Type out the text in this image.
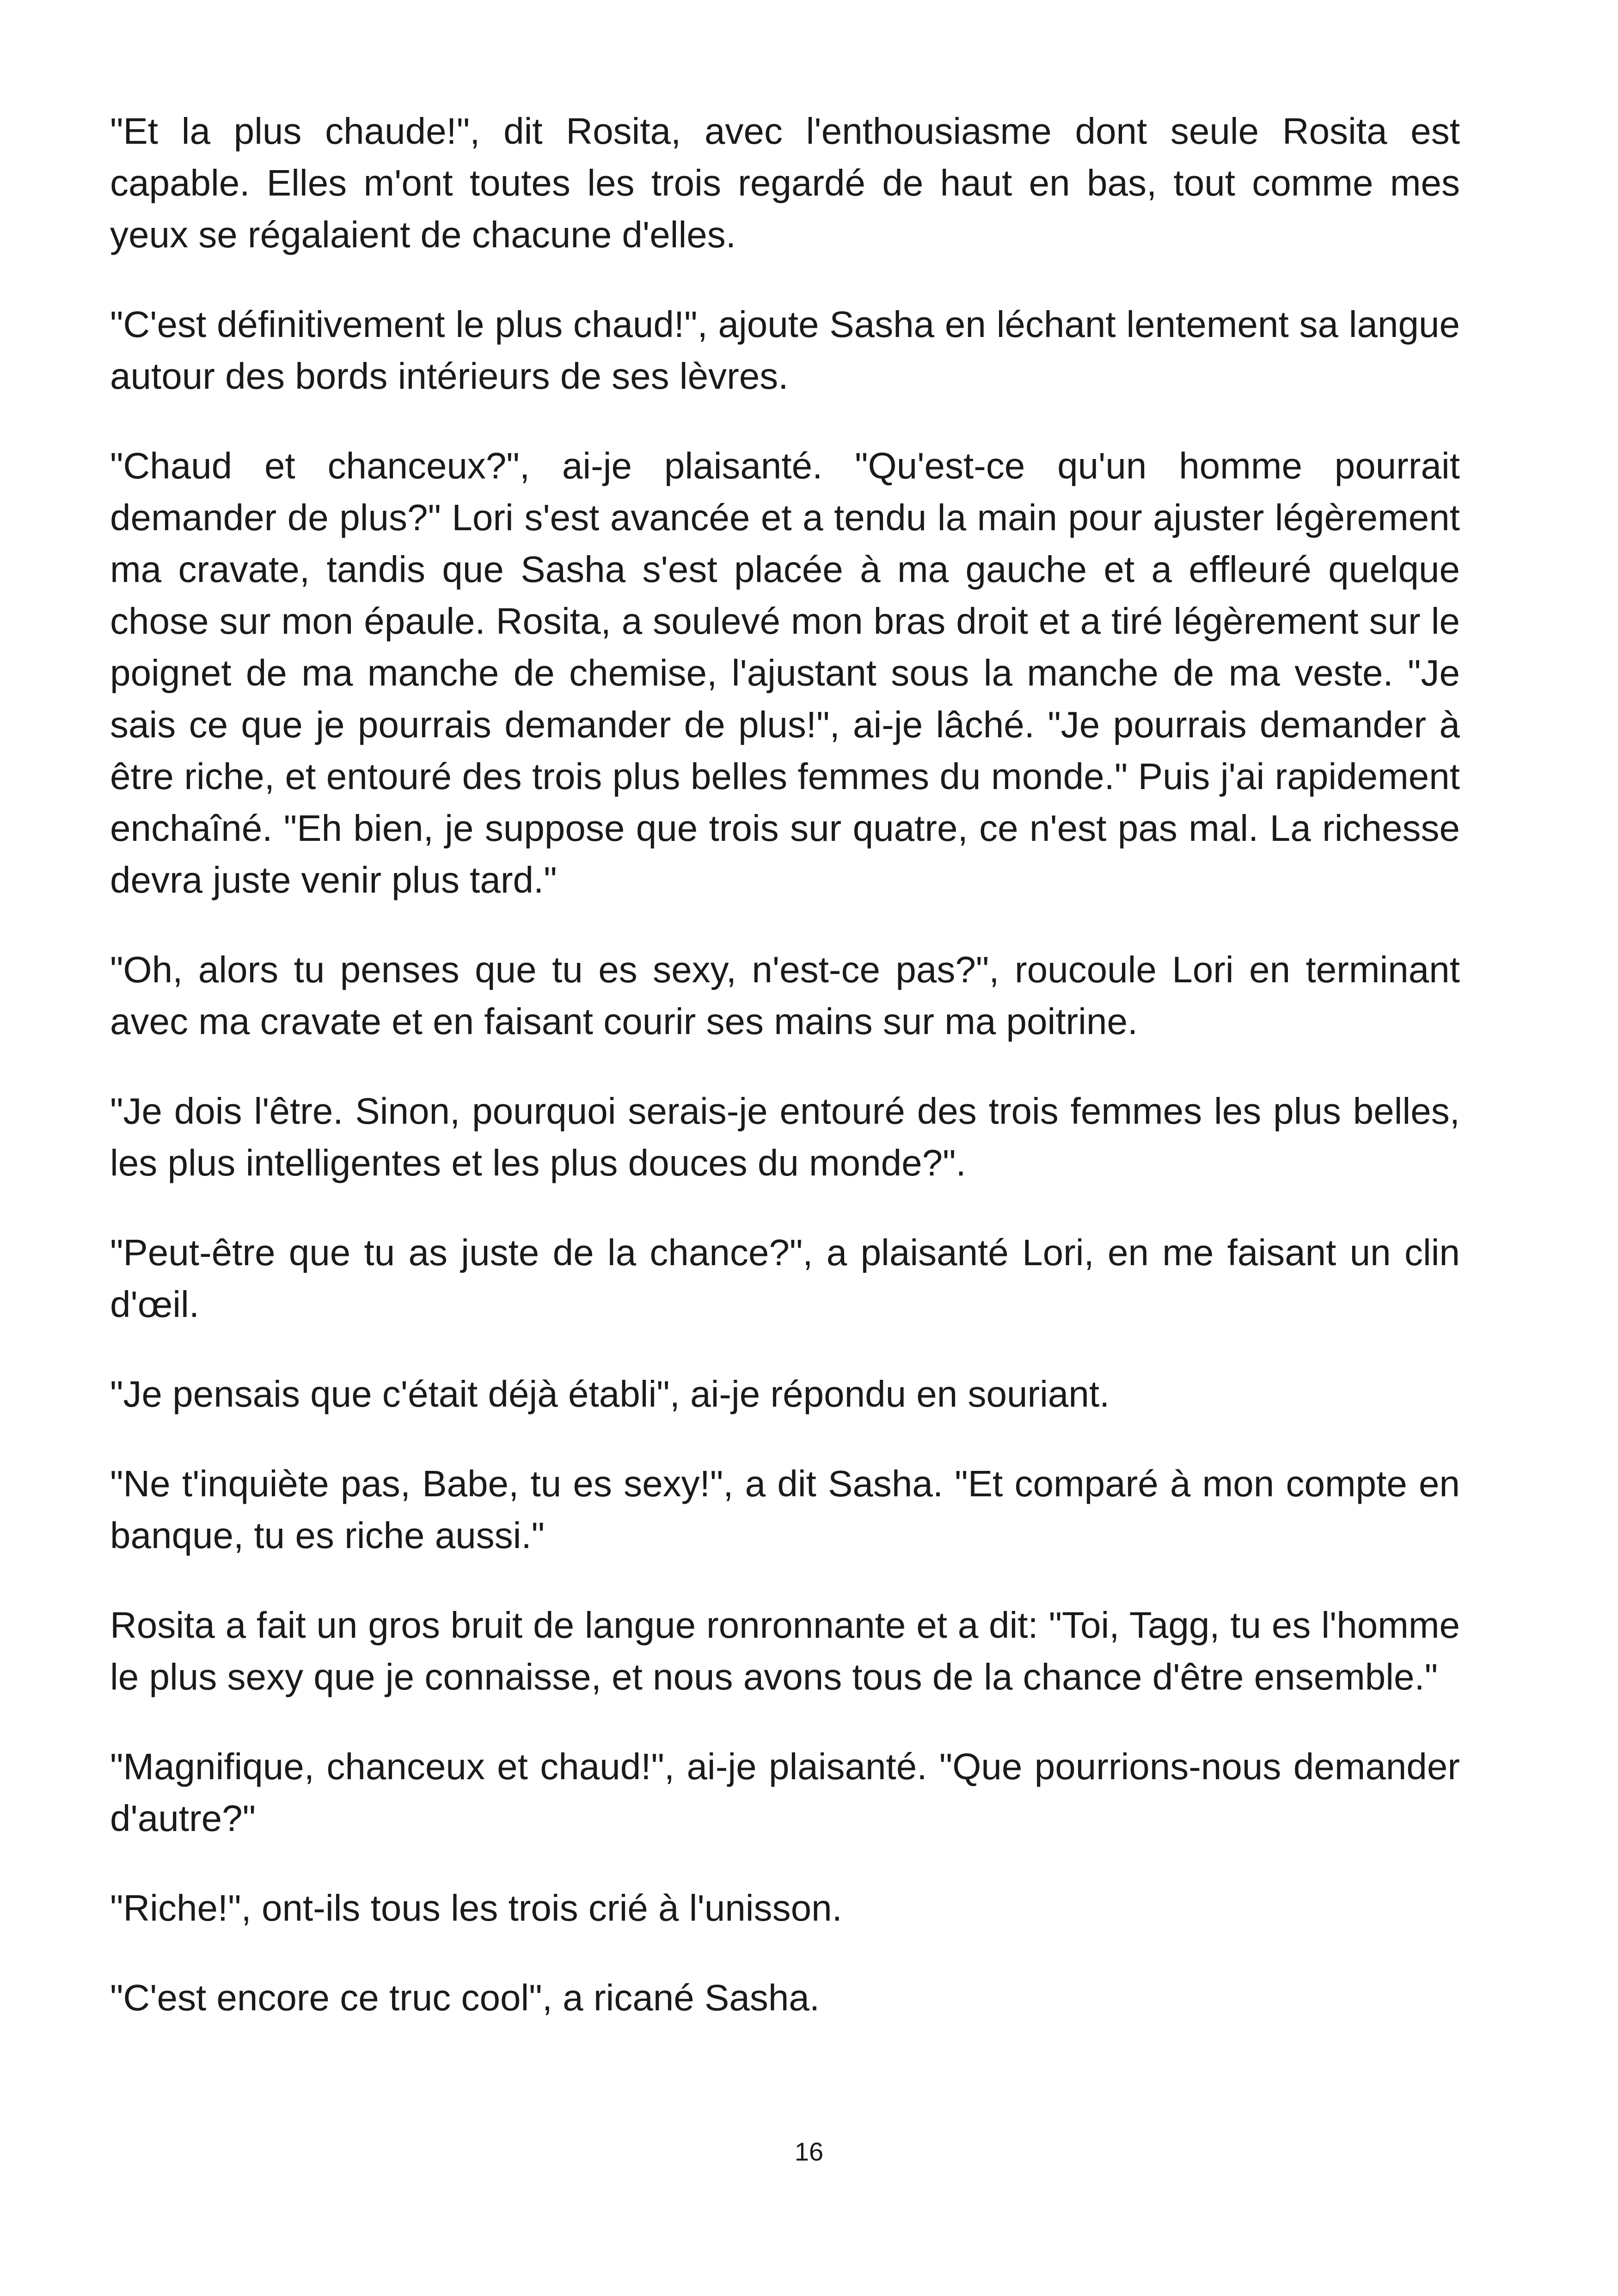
"Et la plus chaude!", dit Rosita, avec l'enthousiasme dont seule Rosita est capable. Elles m'ont toutes les trois regardé de haut en bas, tout comme mes yeux se régalaient de chacune d'elles.

"C'est définitivement le plus chaud!", ajoute Sasha en léchant lentement sa langue autour des bords intérieurs de ses lèvres.

"Chaud et chanceux?", ai-je plaisanté. "Qu'est-ce qu'un homme pourrait demander de plus?" Lori s'est avancée et a tendu la main pour ajuster légèrement ma cravate, tandis que Sasha s'est placée à ma gauche et a effleuré quelque chose sur mon épaule. Rosita, a soulevé mon bras droit et a tiré légèrement sur le poignet de ma manche de chemise, l'ajustant sous la manche de ma veste. "Je sais ce que je pourrais demander de plus!", ai-je lâché. "Je pourrais demander à être riche, et entouré des trois plus belles femmes du monde." Puis j'ai rapidement enchaîné. "Eh bien, je suppose que trois sur quatre, ce n'est pas mal. La richesse devra juste venir plus tard."

"Oh, alors tu penses que tu es sexy, n'est-ce pas?", roucoule Lori en terminant avec ma cravate et en faisant courir ses mains sur ma poitrine.

"Je dois l'être. Sinon, pourquoi serais-je entouré des trois femmes les plus belles, les plus intelligentes et les plus douces du monde?".

"Peut-être que tu as juste de la chance?", a plaisanté Lori, en me faisant un clin d'œil.

"Je pensais que c'était déjà établi", ai-je répondu en souriant.

"Ne t'inquiète pas, Babe, tu es sexy!", a dit Sasha. "Et comparé à mon compte en banque, tu es riche aussi."

Rosita a fait un gros bruit de langue ronronnante et a dit: "Toi, Tagg, tu es l'homme le plus sexy que je connaisse, et nous avons tous de la chance d'être ensemble."

"Magnifique, chanceux et chaud!", ai-je plaisanté. "Que pourrions-nous demander d'autre?"

"Riche!", ont-ils tous les trois crié à l'unisson.

"C'est encore ce truc cool", a ricané Sasha.

16
